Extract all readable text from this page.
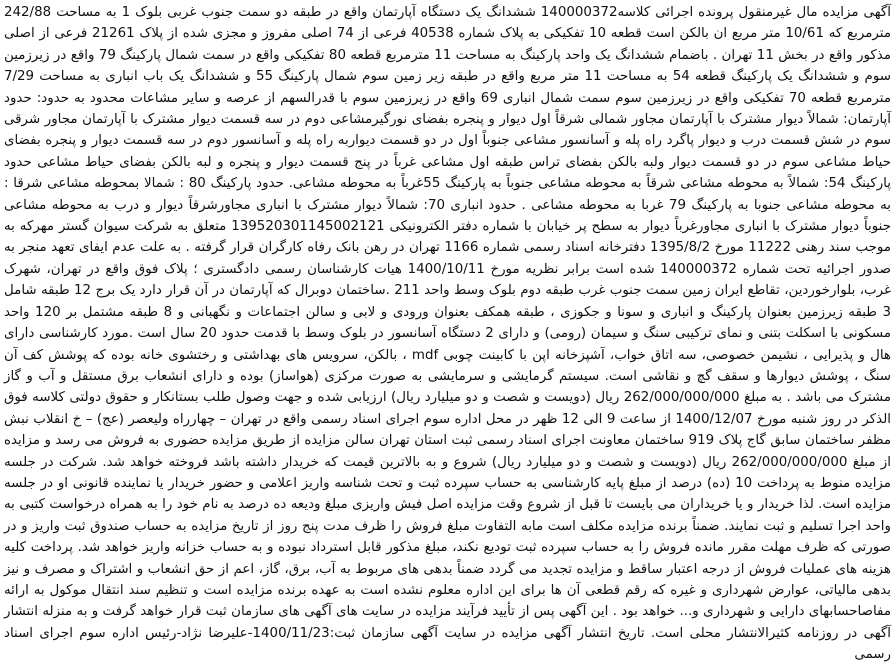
آگهی مزایده مال غیرمنقول پرونده اجرائی کلاسه140000372 ششدانگ یک دستگاه آپارتمان واقع در طبقه دو سمت جنوب غربی بلوک 1 به مساحت 242/88 مترمربع که 10/61 متر مربع ان بالکن است قطعه 10 تفکیکی به پلاک شماره 40538 فرعی از 74 اصلی مفروز و مجزی شده از پلاک 21261 فرعی از اصلی مذکور واقع در بخش 11 تهران . باضمام ششدانگ یک واحد پارکینگ به مساحت 11 مترمربع قطعه 80 تفکیکی واقع در سمت شمال پارکینگ 79 واقع در زیرزمین سوم و ششدانگ یک پارکینگ قطعه 54 به مساحت 11 متر مربع واقع در طبقه زیر زمین سوم شمال پارکینگ 55 و ششدانگ یک باب انباری به مساحت 7/29 مترمربع قطعه 70 تفکیکی واقع در زیرزمین سوم سمت شمال انباری 69 واقع در زیرزمین سوم با قدرالسهم از عرصه و سایر مشاعات محدود به حدود: حدود آپارتمان: شمالاً دیوار مشترک با آپارتمان مجاور شمالی شرقاً اول دیوار و پنجره بفضای نورگیرمشاعی دوم در سه قسمت دیوار مشترک با آپارتمان مجاور شرقی سوم در شش قسمت درب و دیوار پاگرد راه پله و آسانسور مشاعی جنوباً اول در دو قسمت دیواربه راه پله و آسانسور دوم در سه قسمت دیوار و پنجره بفضای حیاط مشاعی سوم در دو قسمت دیوار ولبه بالکن بفضای تراس طبقه اول مشاعی غرباً در پنج قسمت دیوار و پنجره و لبه بالکن بفضای حیاط مشاعی حدود پارکینگ 54: شمالاً به محوطه مشاعی شرقاً به محوطه مشاعی جنوباً به پارکینگ 55غرباً به محوطه مشاعی. حدود پارکینگ 80 : شمالا بمحوطه مشاعی شرقا : به محوطه مشاعی جنوبا به پارکینگ 79 غربا به محوطه مشاعی . حدود انباری 70: شمالاً دیوار مشترک با انباری مجاورشرقاً دیوار و درب به محوطه مشاعی جنوباً دیوار مشترک با انباری مجاورغرباً دیوار به سطح پر خیابان با شماره دفتر الکترونیکی 139520301145002121 متعلق به شرکت سیوان گستر مهرکه به موجب سند رهنی 11222 مورخ 1395/8/2 دفترخانه اسناد رسمی شماره 1166 تهران در رهن بانک رفاه کارگران قرار گرفته . به علت عدم ایفای تعهد منجر به صدور اجرائیه تحت شماره 140000372 شده است برابر نظریه مورخ 1400/10/11 هیات کارشناسان رسمی دادگستری ؛ پلاک فوق واقع در تهران، شهرک غرب، بلوارخوردین، تقاطع ایران زمین سمت جنوب غرب طبقه دوم بلوک وسط واحد 211 .ساختمان دوبرال که آپارتمان در آن قرار دارد یک برج 12 طبقه شامل 3 طبقه زیرزمین بعنوان پارکینگ و انباری و سونا و جکوزی ، طبقه همکف بعنوان ورودی و لابی و سالن اجتماعات و نگهبانی و 8 طبقه مشتمل بر 120 واحد مسکونی با اسکلت بتنی و نمای ترکیبی سنگ و سیمان (رومی) و دارای 2 دستگاه آسانسور در بلوک وسط با قدمت حدود 20 سال است .مورد کارشناسی دارای هال و پذیرایی ، نشیمن خصوصی، سه اتاق خواب، آشپزخانه اپن با کابینت چوبی mdf ، بالکن، سرویس های بهداشتی و رختشوی خانه بوده که پوشش کف آن سنگ ، پوشش دیوارها و سقف گچ و نقاشی است. سیستم گرمایشی و سرمایشی به صورت مرکزی (هواساز) بوده و دارای انشعاب برق مستقل و آب و گاز مشترک می باشد . به مبلغ 262/000/000/000 ریال (دویست و شصت و دو میلیارد ریال) ارزیابی شده و جهت وصول طلب بستانکار و حقوق دولتی کلاسه فوق الذکر در روز شنبه مورخ 1400/12/07 از ساعت 9 الی 12 ظهر در محل اداره سوم اجرای اسناد رسمی واقع در تهران – چهارراه ولیعصر (عج) – خ انقلاب نبش مظفر ساختمان سابق گاج پلاک 919 ساختمان معاونت اجرای اسناد رسمی ثبت استان تهران سالن مزایده از طریق مزایده حضوری به فروش می رسد و مزایده از مبلغ 262/000/000/000 ریال (دویست و شصت و دو میلیارد ریال) شروع و به بالاترین قیمت که خریدار داشته باشد فروخته خواهد شد. شرکت در جلسه مزایده منوط به پرداخت 10 (ده) درصد از مبلغ پایه کارشناسی به حساب سپرده ثبت و تحت شناسه واریز اعلامی و حضور خریدار یا نماینده قانونی او در جلسه مزایده است. لذا خریدار و یا خریداران می بایست تا قبل از شروع وقت مزایده اصل فیش واریزی مبلغ ودیعه ده درصد به نام خود را به همراه درخواست کتبی به واحد اجرا تسلیم و ثبت نمایند. ضمناً برنده مزایده مکلف است مابه التفاوت مبلغ فروش را ظرف مدت پنج روز از تاریخ مزایده به حساب صندوق ثبت واریز و در صورتی که ظرف مهلت مقرر مانده فروش را به حساب سپرده ثبت تودیع نکند، مبلغ مذکور قابل استرداد نبوده و به حساب خزانه واریز خواهد شد. پرداخت کلیه هزینه های عملیات فروش از درجه اعتبار ساقط و مزایده تجدید می گردد ضمناً بدهی های مربوط به آب، برق، گاز، اعم از حق انشعاب و اشتراک و مصرف و نیز بدهی مالیاتی، عوارض شهرداری و غیره که رقم قطعی آن ها برای این اداره معلوم نشده است به عهده برنده مزایده است و تنظیم سند انتقال موکول به ارائه مفاصاحسابهای دارایی و شهرداری و... خواهد بود . این آگهی پس از تأیید فرآیند مزایده در سایت های آگهی های سازمان ثبت قرار خواهد گرفت و به منزله انتشار آگهی در روزنامه کثیرالانتشار محلی است. تاریخ انتشار آگهی مزایده در سایت آگهی سازمان ثبت:1400/11/23-علیرضا نژاد-رئیس اداره سوم اجرای اسناد رسمی
